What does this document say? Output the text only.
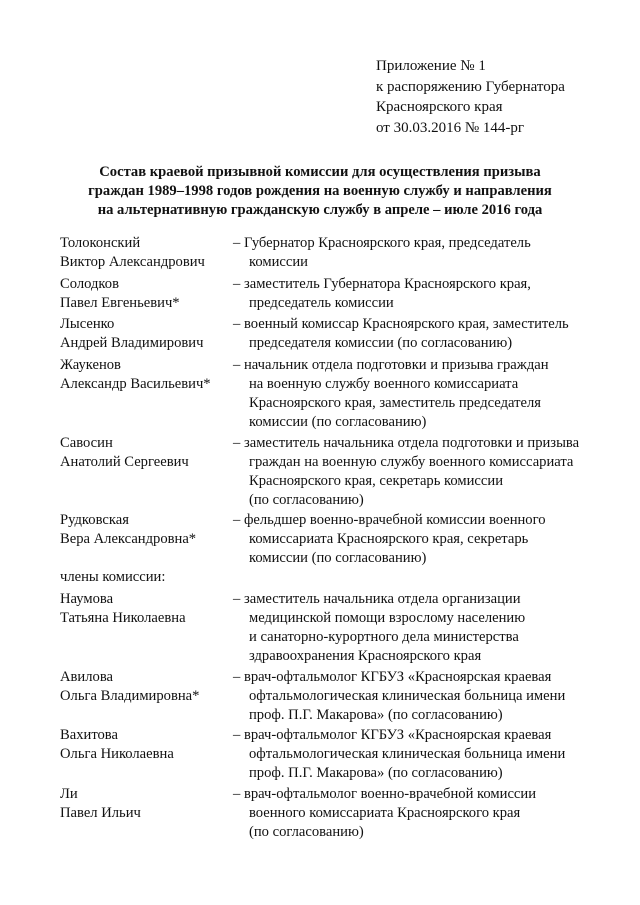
Приложение № 1
к распоряжению Губернатора
Красноярского края
от 30.03.2016 № 144-рг
Состав краевой призывной комиссии для осуществления призыва
граждан 1989–1998 годов рождения на военную службу и направления
на альтернативную гражданскую службу в апреле – июле 2016 года
Толоконский
Виктор Александрович
– Губернатор Красноярского края, председатель
комиссии
Солодков
Павел Евгеньевич*
– заместитель Губернатора Красноярского края,
председатель комиссии
Лысенко
Андрей Владимирович
– военный комиссар Красноярского края, заместитель
председателя комиссии (по согласованию)
Жаукенов
Александр Васильевич*
– начальник отдела подготовки и призыва граждан
на военную службу военного комиссариата
Красноярского края, заместитель председателя
комиссии (по согласованию)
Савосин
Анатолий Сергеевич
– заместитель начальника отдела подготовки и призыва
граждан на военную службу военного комиссариата
Красноярского края, секретарь комиссии
(по согласованию)
Рудковская
Вера Александровна*
– фельдшер военно-врачебной комиссии военного
комиссариата Красноярского края, секретарь
комиссии (по согласованию)
члены комиссии:
Наумова
Татьяна Николаевна
– заместитель начальника отдела организации
медицинской помощи взрослому населению
и санаторно-курортного дела министерства
здравоохранения Красноярского края
Авилова
Ольга Владимировна*
– врач-офтальмолог КГБУЗ «Красноярская краевая
офтальмологическая клиническая больница имени
проф. П.Г. Макарова» (по согласованию)
Вахитова
Ольга Николаевна
– врач-офтальмолог КГБУЗ «Красноярская краевая
офтальмологическая клиническая больница имени
проф. П.Г. Макарова» (по согласованию)
Ли
Павел Ильич
– врач-офтальмолог военно-врачебной комиссии
военного комиссариата Красноярского края
(по согласованию)
